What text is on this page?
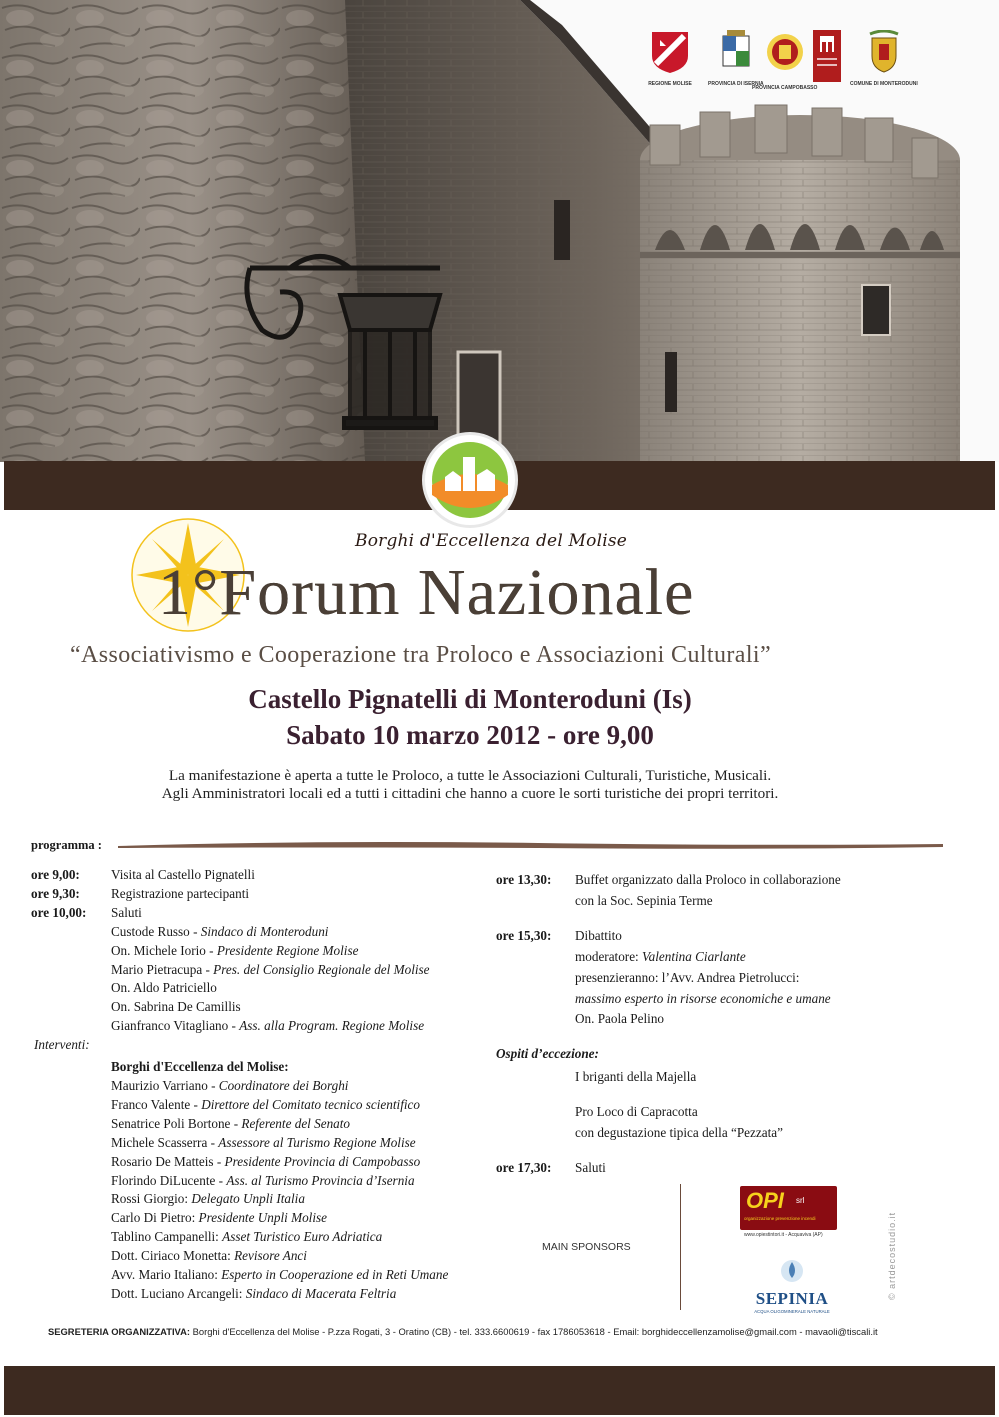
REGIONE MOLISE	PROVINCIA DI ISERNIA
PROVINCIA CAMPOBASSO
COMUNE DI MONTERODUNI
Borghi d'Eccellenza del Molise
1°Forum Nazionale
“Associativismo e Cooperazione tra Proloco e Associazioni Culturali”
Castello Pignatelli di Monteroduni (Is)
Sabato 10 marzo 2012 - ore 9,00
La manifestazione è aperta a tutte le Proloco, a tutte le Associazioni Culturali, Turistiche, Musicali.
Agli Amministratori locali ed a tutti i cittadini che hanno a cuore le sorti turistiche dei propri territori.
programma :
ore 9,00:	Visita al Castello Pignatelli
ore 9,30:	Registrazione partecipanti
ore 10,00:	Saluti
Custode Russo - Sindaco di Monteroduni
On. Michele Iorio - Presidente Regione Molise
Mario Pietracupa - Pres. del Consiglio Regionale del Molise
On. Aldo Patriciello
On. Sabrina De Camillis
Gianfranco Vitagliano - Ass. alla Program. Regione Molise
Interventi:
Borghi d'Eccellenza del Molise:
Maurizio Varriano - Coordinatore dei Borghi
Franco Valente - Direttore del Comitato tecnico scientifico
Senatrice Poli Bortone - Referente del Senato
Michele Scasserra - Assessore al Turismo Regione Molise
Rosario De Matteis - Presidente Provincia di Campobasso
Florindo DiLucente - Ass. al Turismo Provincia d’Isernia
Rossi Giorgio: Delegato Unpli Italia
Carlo Di Pietro: Presidente Unpli Molise
Tablino Campanelli: Asset Turistico Euro Adriatica
Dott. Ciriaco Monetta: Revisore Anci
Avv. Mario Italiano: Esperto in Cooperazione ed in Reti Umane
Dott. Luciano Arcangeli: Sindaco di Macerata Feltria
ore 13,30:	Buffet organizzato dalla Proloco in collaborazione
con la Soc. Sepinia Terme
ore 15,30:	Dibattito
moderatore: Valentina Ciarlante
presenzieranno: l’Avv. Andrea Pietrolucci:
massimo esperto in risorse economiche e umane
On. Paola Pelino
Ospiti d’eccezione:
I briganti della Majella
Pro Loco di Capracotta
con degustazione tipica della “Pezzata”
ore 17,30:	Saluti
MAIN SPONSORS
OPI srl
organizzazione prevenzione incendi
www.opiestintori.it - Acquaviva (AP)
SEPINIA
ACQUA OLIGOMINERALE NATURALE
© artdecostudio.it
SEGRETERIA ORGANIZZATIVA: Borghi d'Eccellenza del Molise - P.zza Rogati, 3 - Oratino (CB) - tel. 333.6600619 - fax 1786053618 - Email: borghideccellenzamolise@gmail.com - mavaoli@tiscali.it
